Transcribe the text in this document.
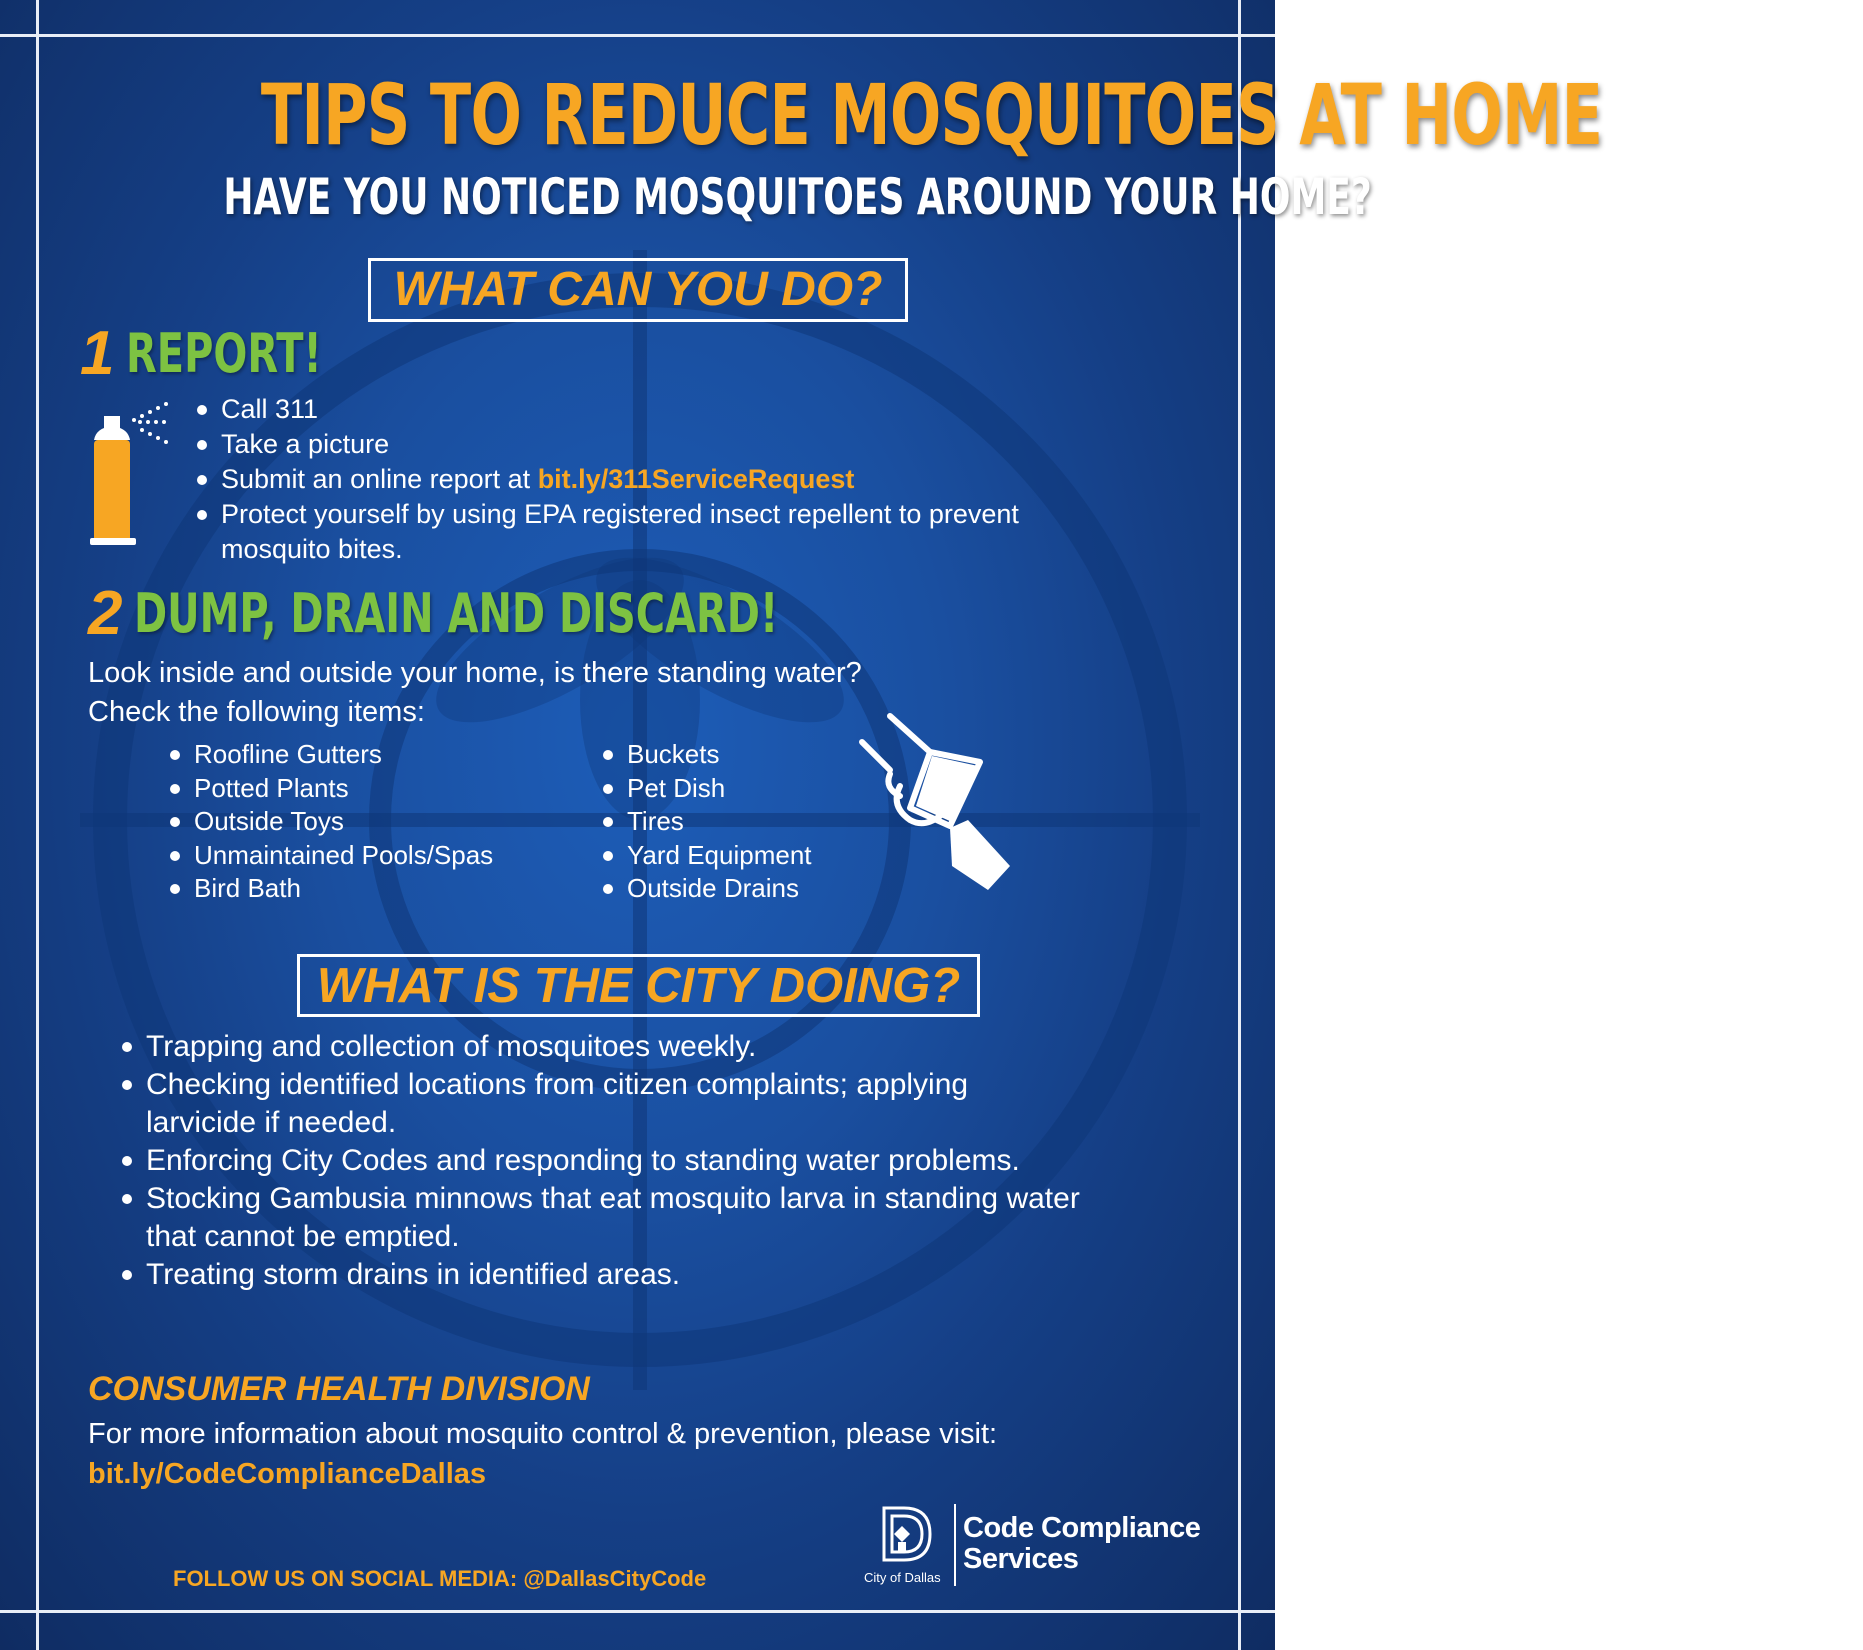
TIPS TO REDUCE MOSQUITOES AT HOME
HAVE YOU NOTICED MOSQUITOES AROUND YOUR HOME?
WHAT CAN YOU DO?
1 REPORT!
Call 311
Take a picture
Submit an online report at bit.ly/311ServiceRequest
Protect yourself by using EPA registered insect repellent to prevent
mosquito bites.
2 DUMP, DRAIN AND DISCARD!
Look inside and outside your home, is there standing water?
Check the following items:
Roofline Gutters
Potted Plants
Outside Toys
Unmaintained Pools/Spas
Bird Bath
Buckets
Pet Dish
Tires
Yard Equipment
Outside Drains
WHAT IS THE CITY DOING?
Trapping and collection of mosquitoes weekly.
Checking identified locations from citizen complaints; applying
larvicide if needed.
Enforcing City Codes and responding to standing water problems.
Stocking Gambusia minnows that eat mosquito larva in standing water
that cannot be emptied.
Treating storm drains in identified areas.
CONSUMER HEALTH DIVISION
For more information about mosquito control & prevention, please visit:
bit.ly/CodeComplianceDallas
FOLLOW US ON SOCIAL MEDIA: @DallasCityCode	City of Dallas
Code Compliance
Services
